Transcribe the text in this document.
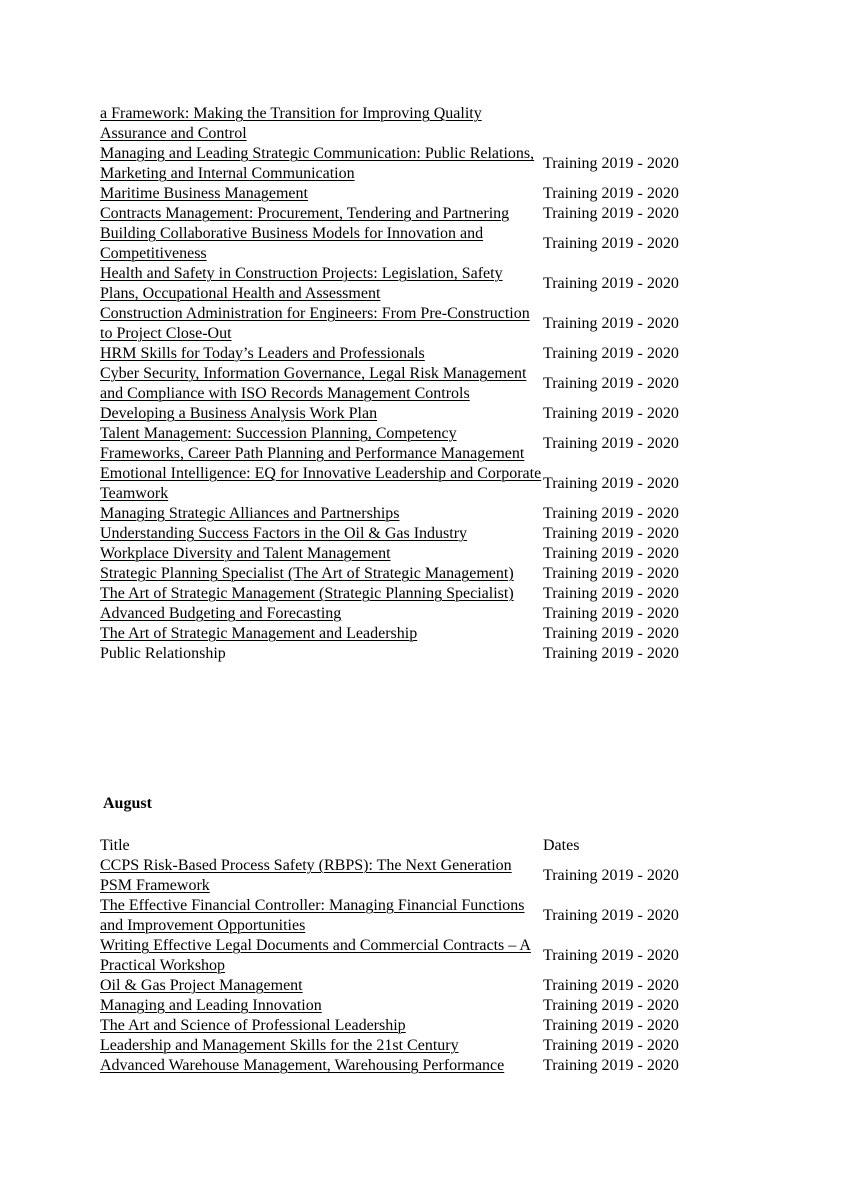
a Framework: Making the Transition for Improving Quality Assurance and Control	
Managing and Leading Strategic Communication: Public Relations, Marketing and Internal Communication	Training 2019 - 2020
Maritime Business Management	Training 2019 - 2020
Contracts Management: Procurement, Tendering and Partnering	Training 2019 - 2020
Building Collaborative Business Models for Innovation and Competitiveness	Training 2019 - 2020
Health and Safety in Construction Projects: Legislation, Safety Plans, Occupational Health and Assessment	Training 2019 - 2020
Construction Administration for Engineers: From Pre-Construction to Project Close-Out	Training 2019 - 2020
HRM Skills for Today’s Leaders and Professionals	Training 2019 - 2020
Cyber Security, Information Governance, Legal Risk Management and Compliance with ISO Records Management Controls	Training 2019 - 2020
Developing a Business Analysis Work Plan	Training 2019 - 2020
Talent Management: Succession Planning, Competency Frameworks, Career Path Planning and Performance Management	Training 2019 - 2020
Emotional Intelligence: EQ for Innovative Leadership and Corporate Teamwork	Training 2019 - 2020
Managing Strategic Alliances and Partnerships	Training 2019 - 2020
Understanding Success Factors in the Oil & Gas Industry	Training 2019 - 2020
Workplace Diversity and Talent Management	Training 2019 - 2020
Strategic Planning Specialist (The Art of Strategic Management)	Training 2019 - 2020
The Art of Strategic Management (Strategic Planning Specialist)	Training 2019 - 2020
Advanced Budgeting and Forecasting	Training 2019 - 2020
The Art of Strategic Management and Leadership	Training 2019 - 2020
Public Relationship	Training 2019 - 2020
August
Title	Dates
CCPS Risk-Based Process Safety (RBPS): The Next Generation PSM Framework	Training 2019 - 2020
The Effective Financial Controller: Managing Financial Functions and Improvement Opportunities	Training 2019 - 2020
Writing Effective Legal Documents and Commercial Contracts – A Practical Workshop	Training 2019 - 2020
Oil & Gas Project Management	Training 2019 - 2020
Managing and Leading Innovation	Training 2019 - 2020
The Art and Science of Professional Leadership	Training 2019 - 2020
Leadership and Management Skills for the 21st Century	Training 2019 - 2020
Advanced Warehouse Management, Warehousing Performance	Training 2019 - 2020
